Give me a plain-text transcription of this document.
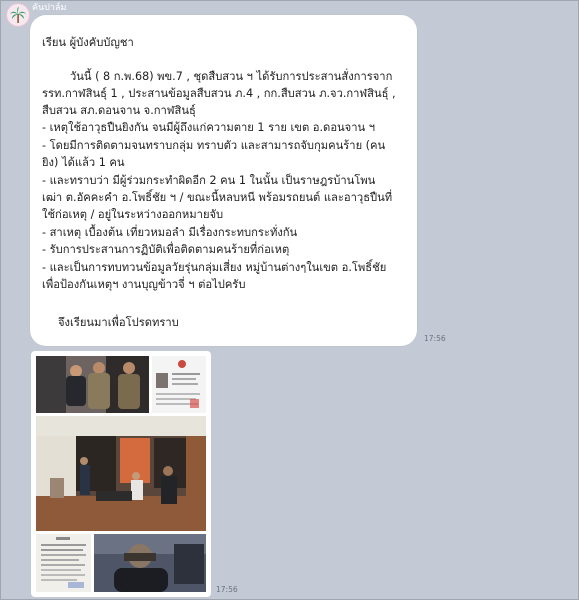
คันปาล์ม
เรียน ผู้บังคับบัญชา
วันนี้ ( 8 ก.พ.68) พข.7 , ชุดสืบสวน ฯ ได้รับการประสานสั่งการจาก
รรท.กาฬสินธุ์ 1 , ประสานข้อมูลสืบสวน ภ.4 , กก.สืบสวน ภ.จว.กาฬสินธุ์ ,
สืบสวน สภ.ดอนจาน จ.กาฬสินธุ์
- เหตุใช้อาวุธปืนยิงกัน จนมีผู้ถึงแก่ความตาย 1 ราย เขต อ.ดอนจาน ฯ
- โดยมีการติดตามจนทราบกลุ่ม ทราบตัว และสามารถจับกุมคนร้าย (คน
ยิง) ได้แล้ว 1 คน
- และทราบว่า มีผู้ร่วมกระทำผิดอีก 2 คน 1 ในนั้น เป็นราษฎรบ้านโพน
เฒ่า ต.อัคคะคำ อ.โพธิ์ชัย ฯ / ขณะนี้หลบหนี พร้อมรถยนต์ และอาวุธปืนที่
ใช้ก่อเหตุ / อยู่ในระหว่างออกหมายจับ
- สาเหตุ เบื้องต้น เที่ยวหมอลำ มีเรื่องกระทบกระทั่งกัน
- รับการประสานการฏิบัติเพื่อติดตามคนร้ายที่ก่อเหตุ
- และเป็นการทบทวนข้อมูลวัยรุ่นกลุ่มเสี่ยง หมู่บ้านต่างๆในเขต อ.โพธิ์ชัย
เพื่อป้องกันเหตุฯ งานบุญข้าวจี่ ฯ ต่อไปครับ
จึงเรียนมาเพื่อโปรดทราบ
17:56
17:56
